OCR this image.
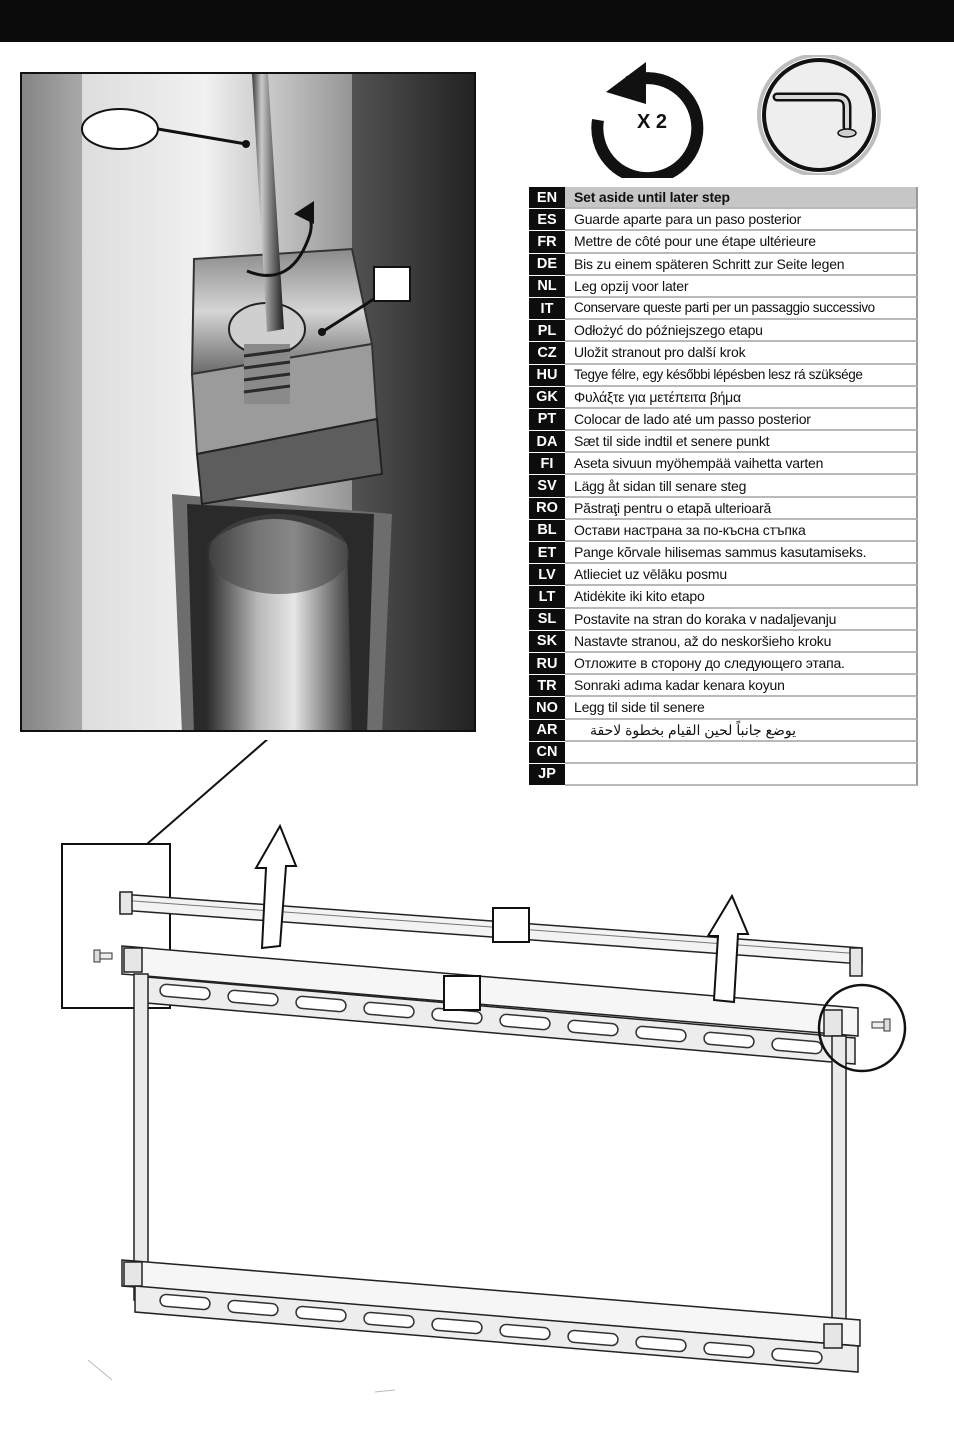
X 2
EN	Set aside until later step
ES	Guarde aparte para un paso posterior
FR	Mettre de côté pour une étape ultérieure
DE	Bis zu einem späteren Schritt zur Seite legen
NL	Leg opzij voor later
IT	Conservare queste parti per un passaggio successivo
PL	Odłożyć do późniejszego etapu
CZ	Uložit stranout pro další krok
HU	Tegye félre, egy későbbi lépésben lesz rá szüksége
GK	Φυλάξτε για μετέπειτα βήμα
PT	Colocar de lado até um passo posterior
DA	Sæt til side indtil et senere punkt
FI	Aseta sivuun myöhempää vaihetta varten
SV	Lägg åt sidan till senare steg
RO	Păstraţi pentru o etapă ulterioară
BL	Остави настрана за по-късна стъпка
ET	Pange kõrvale hilisemas sammus kasutamiseks.
LV	Atlieciet uz vēlāku posmu
LT	Atidėkite iki kito etapo
SL	Postavite na stran do koraka v nadaljevanju
SK	Nastavte stranou, až do neskoršieho kroku
RU	Отложите в сторону до следующего этапа.
TR	Sonraki adıma kadar kenara koyun
NO	Legg til side til senere
AR	يوضع جانباً لحين القيام بخطوة لاحقة
CN	
JP	
